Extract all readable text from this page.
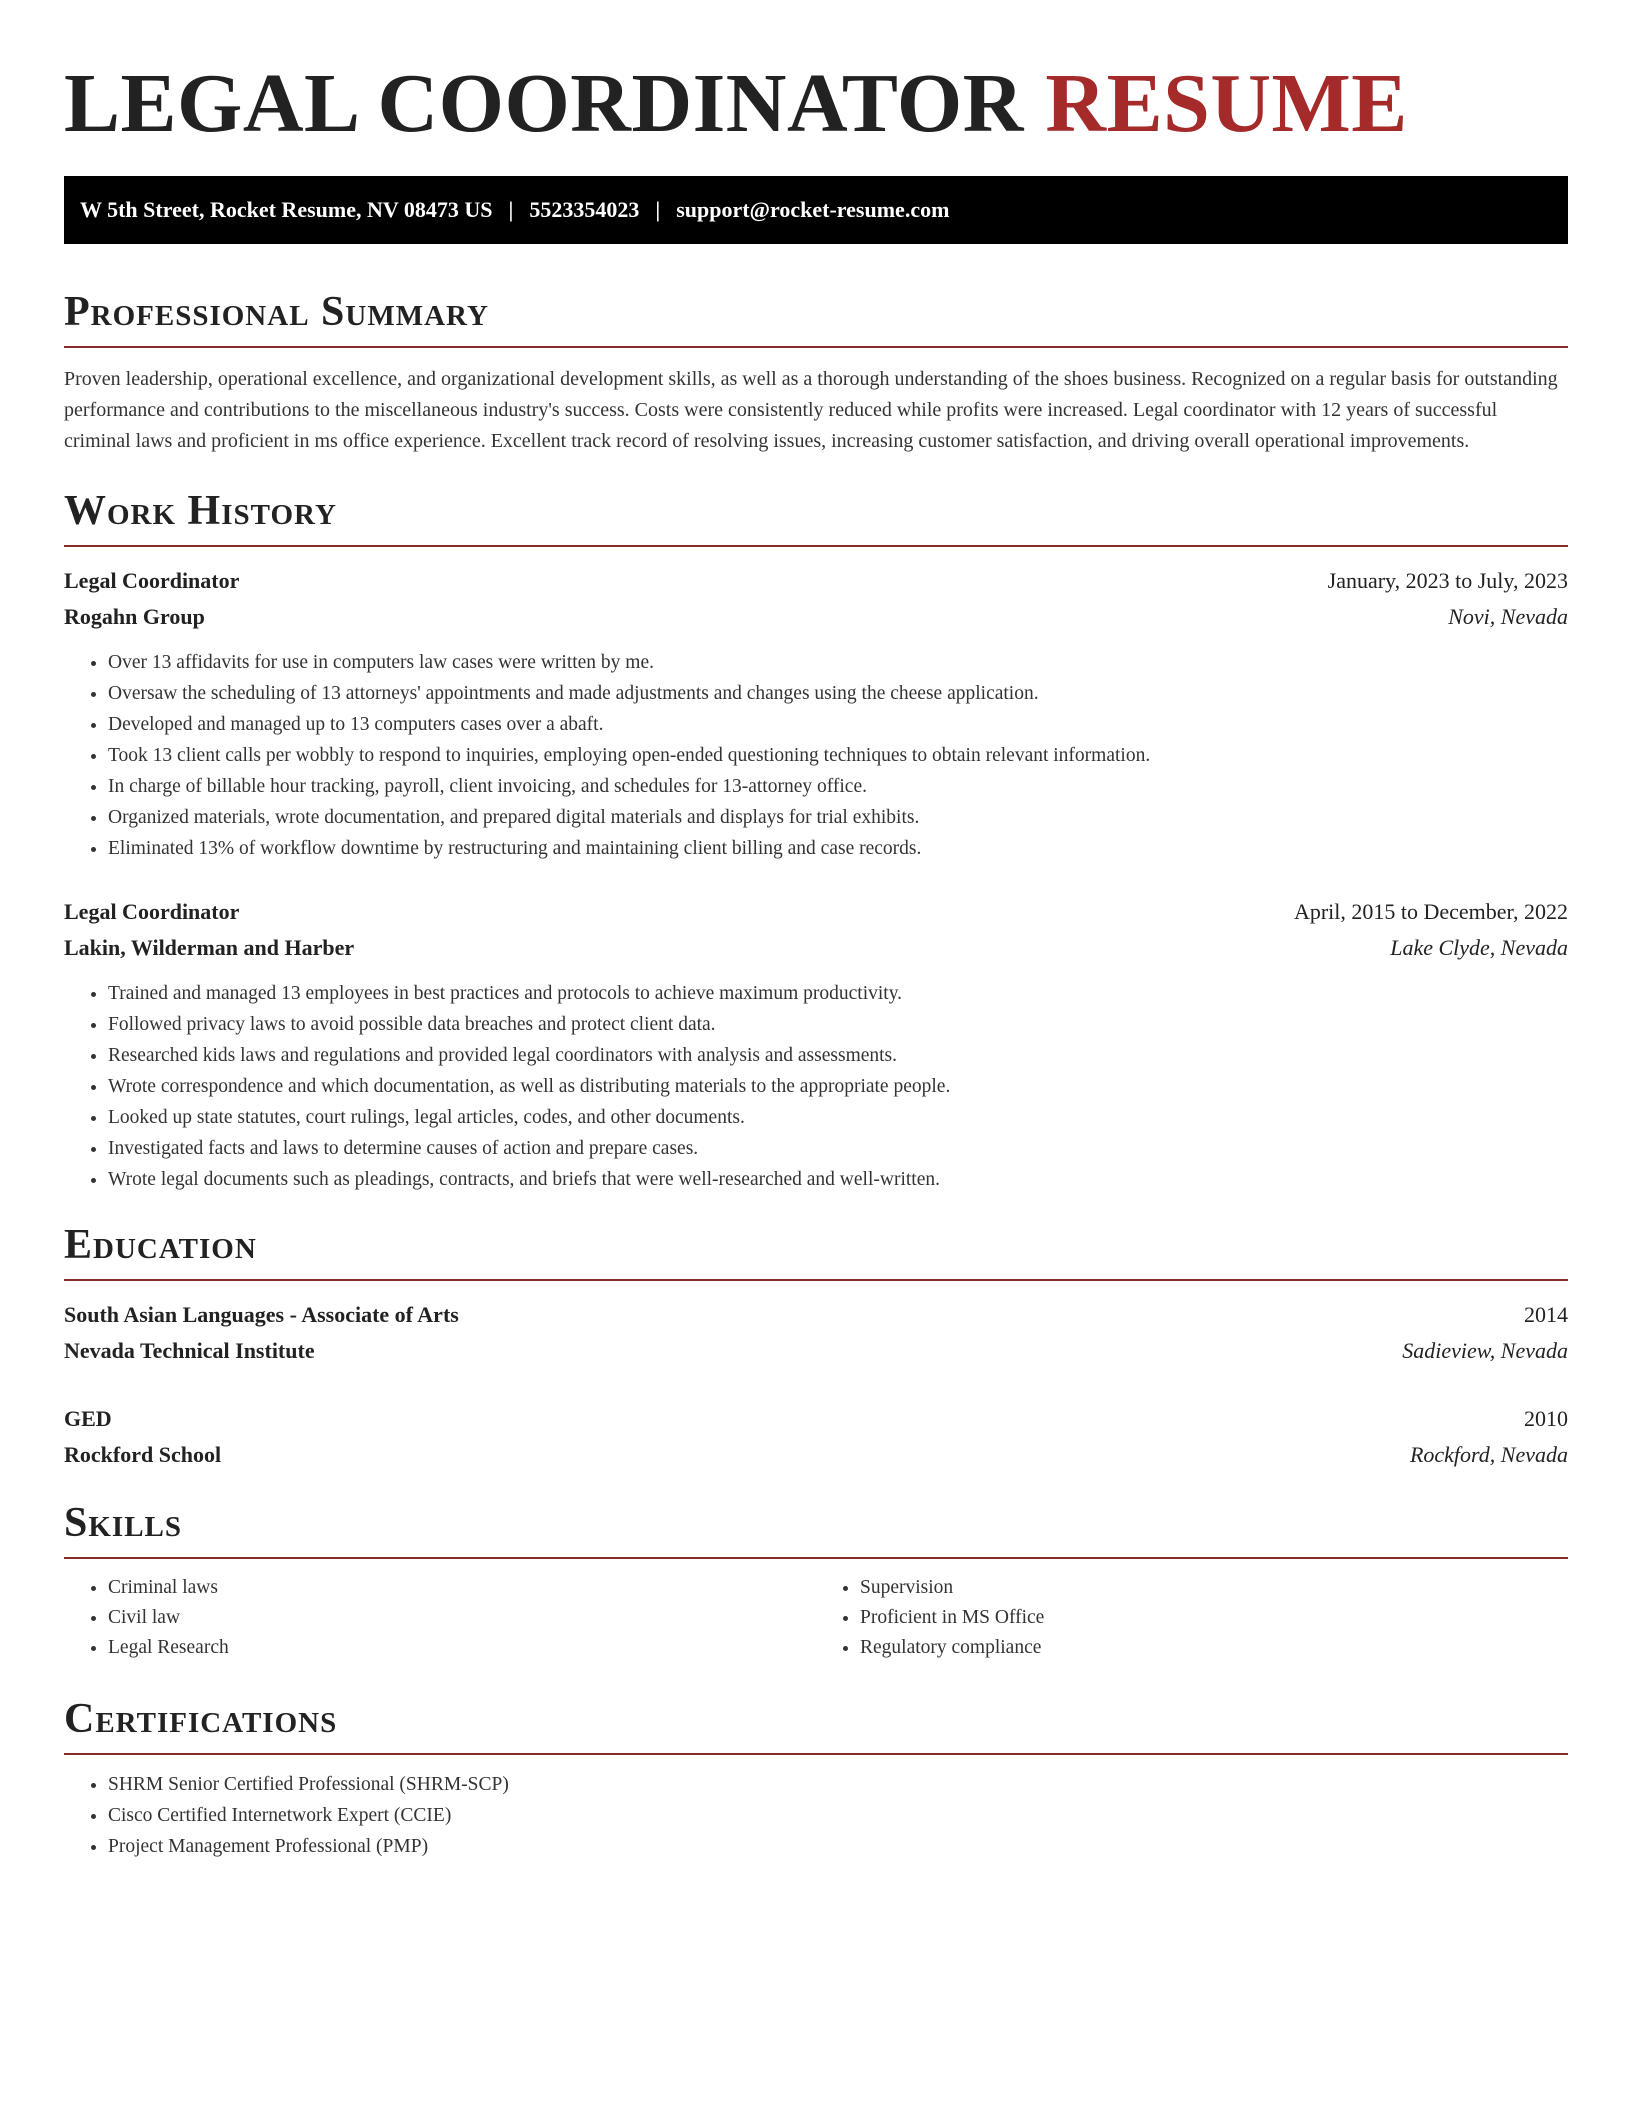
LEGAL COORDINATOR RESUME
W 5th Street, Rocket Resume, NV 08473 US | 5523354023 | support@rocket-resume.com
Professional Summary

Proven leadership, operational excellence, and organizational development skills, as well as a thorough understanding of the shoes business. Recognized on a regular basis for outstanding performance and contributions to the miscellaneous industry's success. Costs were consistently reduced while profits were increased. Legal coordinator with 12 years of successful criminal laws and proficient in ms office experience. Excellent track record of resolving issues, increasing customer satisfaction, and driving overall operational improvements.

Work History
Legal Coordinator	January, 2023 to July, 2023
Rogahn Group	Novi, Nevada
• Over 13 affidavits for use in computers law cases were written by me.
• Oversaw the scheduling of 13 attorneys' appointments and made adjustments and changes using the cheese application.
• Developed and managed up to 13 computers cases over a abaft.
• Took 13 client calls per wobbly to respond to inquiries, employing open-ended questioning techniques to obtain relevant information.
• In charge of billable hour tracking, payroll, client invoicing, and schedules for 13-attorney office.
• Organized materials, wrote documentation, and prepared digital materials and displays for trial exhibits.
• Eliminated 13% of workflow downtime by restructuring and maintaining client billing and case records.
Legal Coordinator	April, 2015 to December, 2022
Lakin, Wilderman and Harber	Lake Clyde, Nevada
• Trained and managed 13 employees in best practices and protocols to achieve maximum productivity.
• Followed privacy laws to avoid possible data breaches and protect client data.
• Researched kids laws and regulations and provided legal coordinators with analysis and assessments.
• Wrote correspondence and which documentation, as well as distributing materials to the appropriate people.
• Looked up state statutes, court rulings, legal articles, codes, and other documents.
• Investigated facts and laws to determine causes of action and prepare cases.
• Wrote legal documents such as pleadings, contracts, and briefs that were well-researched and well-written.
Education
South Asian Languages - Associate of Arts	2014
Nevada Technical Institute	Sadieview, Nevada
GED	2010
Rockford School	Rockford, Nevada
Skills
• Criminal laws
• Civil law
• Legal Research
• Supervision
• Proficient in MS Office
• Regulatory compliance
Certifications
• SHRM Senior Certified Professional (SHRM-SCP)
• Cisco Certified Internetwork Expert (CCIE)
• Project Management Professional (PMP)
